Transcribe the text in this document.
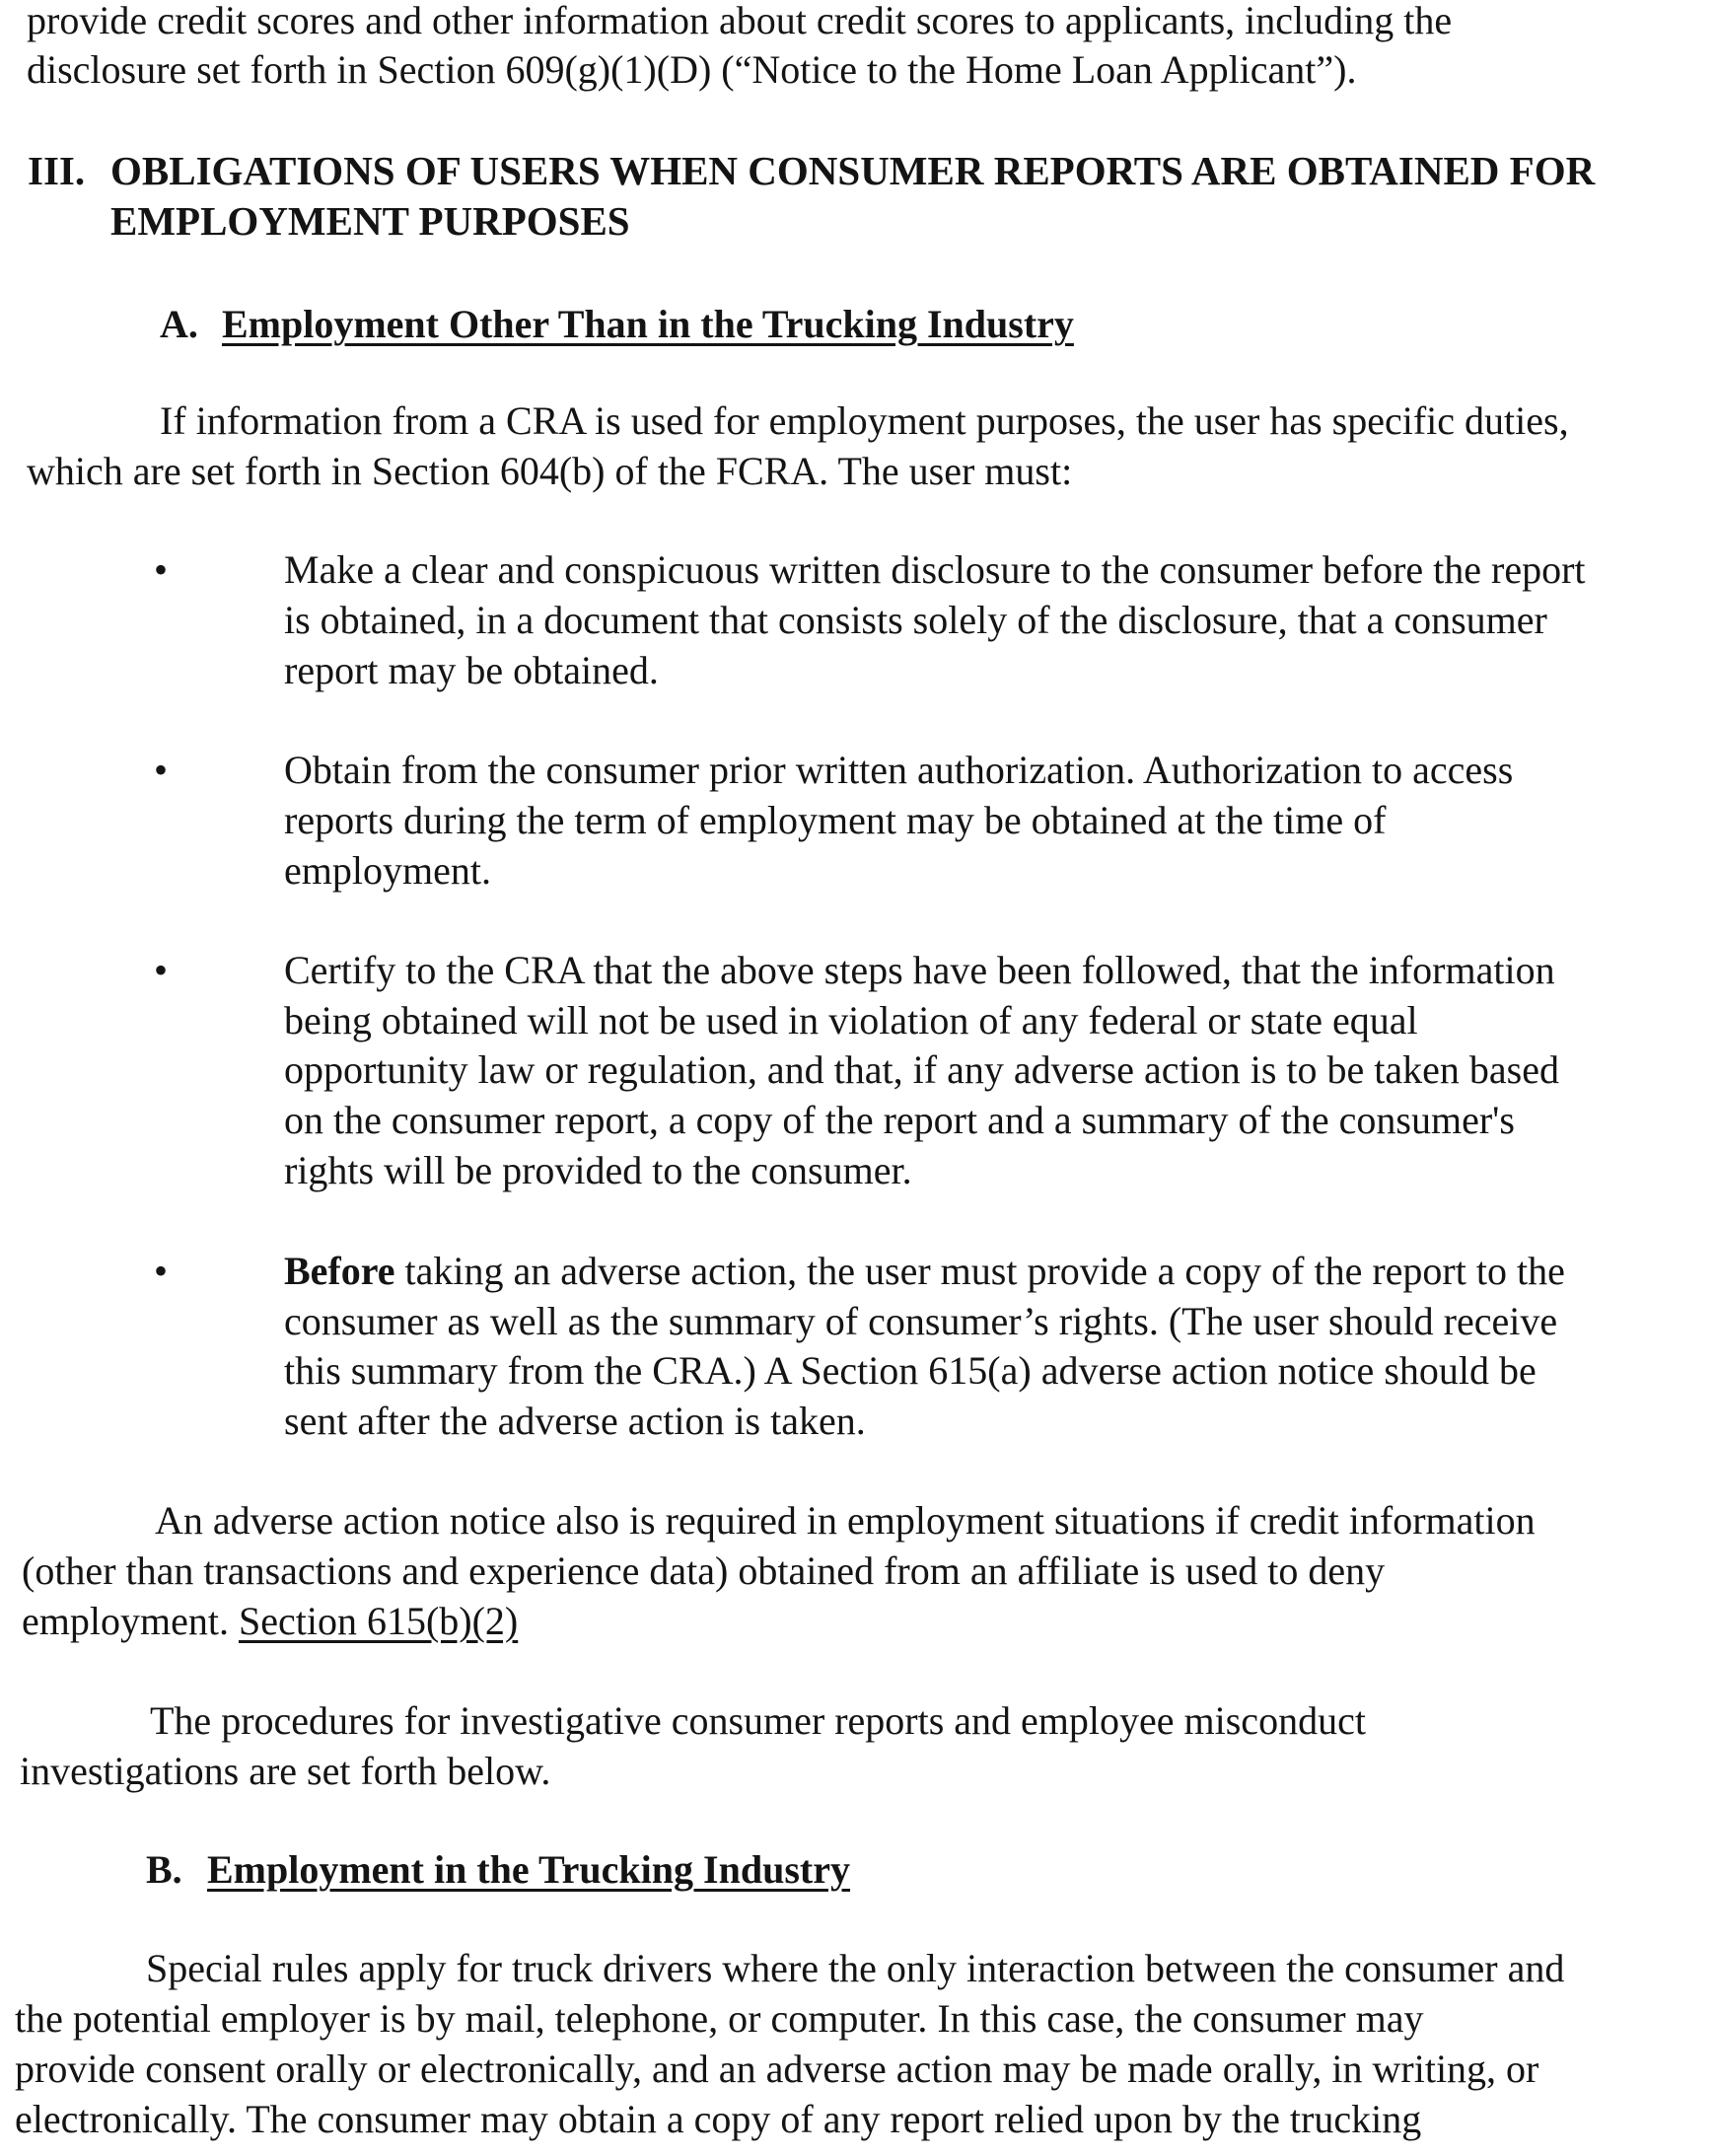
provide credit scores and other information about credit scores to applicants, including the
disclosure set forth in Section 609(g)(1)(D) (“Notice to the Home Loan Applicant”).
III. OBLIGATIONS OF USERS WHEN CONSUMER REPORTS ARE OBTAINED FOR
EMPLOYMENT PURPOSES
A. Employment Other Than in the Trucking Industry
If information from a CRA is used for employment purposes, the user has specific duties,
which are set forth in Section 604(b) of the FCRA. The user must:
•	Make a clear and conspicuous written disclosure to the consumer before the report
is obtained, in a document that consists solely of the disclosure, that a consumer
report may be obtained.
•	Obtain from the consumer prior written authorization. Authorization to access
reports during the term of employment may be obtained at the time of
employment.
•	Certify to the CRA that the above steps have been followed, that the information
being obtained will not be used in violation of any federal or state equal
opportunity law or regulation, and that, if any adverse action is to be taken based
on the consumer report, a copy of the report and a summary of the consumer's
rights will be provided to the consumer.
•	Before taking an adverse action, the user must provide a copy of the report to the
consumer as well as the summary of consumer’s rights. (The user should receive
this summary from the CRA.) A Section 615(a) adverse action notice should be
sent after the adverse action is taken.
An adverse action notice also is required in employment situations if credit information
(other than transactions and experience data) obtained from an affiliate is used to deny
employment. Section 615(b)(2)
The procedures for investigative consumer reports and employee misconduct
investigations are set forth below.
B. Employment in the Trucking Industry
Special rules apply for truck drivers where the only interaction between the consumer and
the potential employer is by mail, telephone, or computer. In this case, the consumer may
provide consent orally or electronically, and an adverse action may be made orally, in writing, or
electronically. The consumer may obtain a copy of any report relied upon by the trucking
